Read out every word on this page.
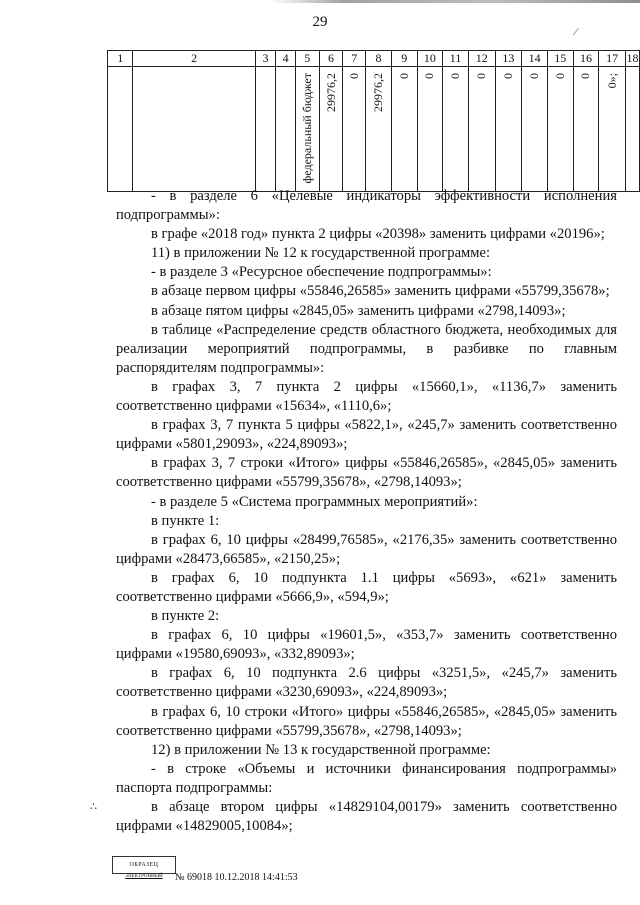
29
1	2	3	4	5	6	7	8	9	10	11	12	13	14	15	16	17	18
				федеральный бюджет	29976,2	0	29976,2	0	0	0	0	0	0	0	0	0»;	

- в разделе 6 «Целевые индикаторы эффективности исполнения подпрограммы»:

в графе «2018 год» пункта 2 цифры «20398» заменить цифрами «20196»;

11) в приложении № 12 к государственной программе:

- в разделе 3 «Ресурсное обеспечение подпрограммы»:

в абзаце первом цифры «55846,26585» заменить цифрами «55799,35678»;

в абзаце пятом цифры «2845,05» заменить цифрами «2798,14093»;

в таблице «Распределение средств областного бюджета, необходимых для реализации мероприятий подпрограммы, в разбивке по главным распорядителям подпрограммы»:

в графах 3, 7 пункта 2 цифры «15660,1», «1136,7» заменить соответственно цифрами «15634», «1110,6»;

в графах 3, 7 пункта 5 цифры «5822,1», «245,7» заменить соответственно цифрами «5801,29093», «224,89093»;

в графах 3, 7 строки «Итого» цифры «55846,26585», «2845,05» заменить соответственно цифрами «55799,35678», «2798,14093»;

- в разделе 5 «Система программных мероприятий»:

в пункте 1:

в графах 6, 10 цифры «28499,76585», «2176,35» заменить соответственно цифрами «28473,66585», «2150,25»;

в графах 6, 10 подпункта 1.1 цифры «5693», «621» заменить соответственно цифрами «5666,9», «594,9»;

в пункте 2:

в графах 6, 10 цифры «19601,5», «353,7» заменить соответственно цифрами «19580,69093», «332,89093»;

в графах 6, 10 подпункта 2.6 цифры «3251,5», «245,7» заменить соответственно цифрами «3230,69093», «224,89093»;

в графах 6, 10 строки «Итого» цифры «55846,26585», «2845,05» заменить соответственно цифрами «55799,35678», «2798,14093»;

12) в приложении № 13 к государственной программе:

- в строке «Объемы и источники финансирования подпрограммы» паспорта подпрограммы:

в абзаце втором цифры «14829104,00179» заменить соответственно цифрами «14829005,10084»;

∴
⁄
ОБРАЗЕЦ
ЭЛЕКТРОННЫЙ	№ 69018 10.12.2018 14:41:53
